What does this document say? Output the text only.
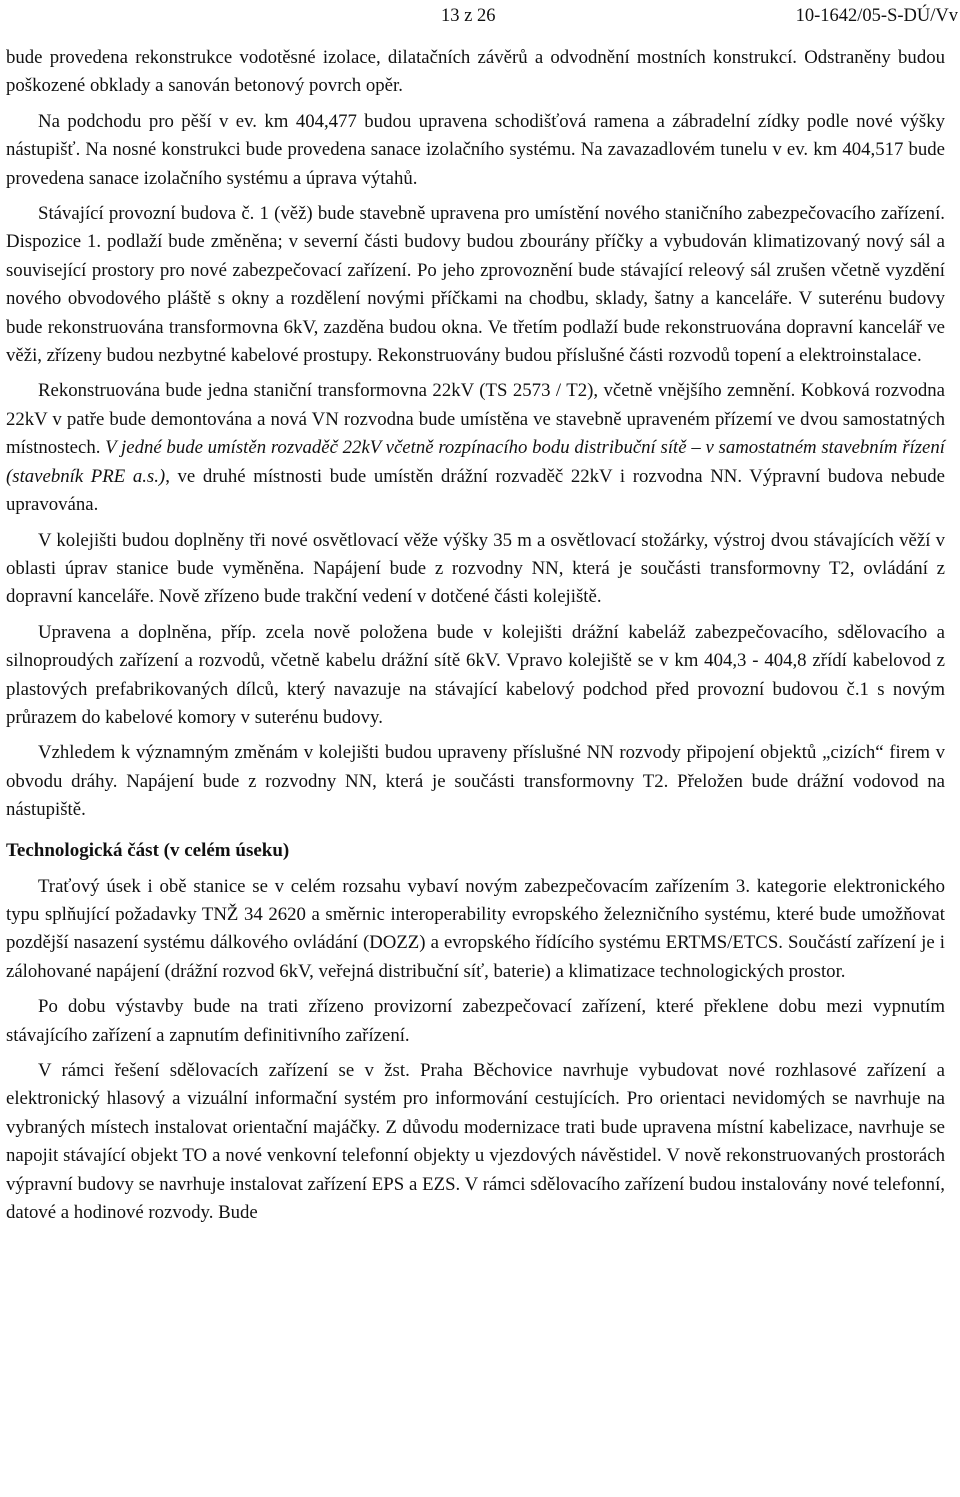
13 z 26	10-1642/05-S-DÚ/Vv

bude provedena rekonstrukce vodotěsné izolace, dilatačních závěrů a odvodnění mostních konstrukcí. Odstraněny budou poškozené obklady a sanován betonový povrch opěr.

Na podchodu pro pěší v ev. km 404,477 budou upravena schodišťová ramena a zábradelní zídky podle nové výšky nástupišť. Na nosné konstrukci bude provedena sanace izolačního systému. Na zavazadlovém tunelu v ev. km 404,517 bude provedena sanace izolačního systému a úprava výtahů.

Stávající provozní budova č. 1 (věž) bude stavebně upravena pro umístění nového staničního zabezpečovacího zařízení. Dispozice 1. podlaží bude změněna; v severní části budovy budou zbourány příčky a vybudován klimatizovaný nový sál a související prostory pro nové zabezpečovací zařízení. Po jeho zprovoznění bude stávající releový sál zrušen včetně vyzdění nového obvodového pláště s okny a rozdělení novými příčkami na chodbu, sklady, šatny a kanceláře. V suterénu budovy bude rekonstruována transformovna 6kV, zazděna budou okna. Ve třetím podlaží bude rekonstruována dopravní kancelář ve věži, zřízeny budou nezbytné kabelové prostupy. Rekonstruovány budou příslušné části rozvodů topení a elektroinstalace.

Rekonstruována bude jedna staniční transformovna 22kV (TS 2573 / T2), včetně vnějšího zemnění. Kobková rozvodna 22kV v patře bude demontována a nová VN rozvodna bude umístěna ve stavebně upraveném přízemí ve dvou samostatných místnostech. V jedné bude umístěn rozvaděč 22kV včetně rozpínacího bodu distribuční sítě – v samostatném stavebním řízení (stavebník PRE a.s.), ve druhé místnosti bude umístěn drážní rozvaděč 22kV i rozvodna NN. Výpravní budova nebude upravována.

V kolejišti budou doplněny tři nové osvětlovací věže výšky 35 m a osvětlovací stožárky, výstroj dvou stávajících věží v oblasti úprav stanice bude vyměněna. Napájení bude z rozvodny NN, která je součásti transformovny T2, ovládání z dopravní kanceláře. Nově zřízeno bude trakční vedení v dotčené části kolejiště.

Upravena a doplněna, příp. zcela nově položena bude v kolejišti drážní kabeláž zabezpečovacího, sdělovacího a silnoproudých zařízení a rozvodů, včetně kabelu drážní sítě 6kV. Vpravo kolejiště se v km 404,3 - 404,8 zřídí kabelovod z plastových prefabrikovaných dílců, který navazuje na stávající kabelový podchod před provozní budovou č.1 s novým průrazem do kabelové komory v suterénu budovy.

Vzhledem k významným změnám v kolejišti budou upraveny příslušné NN rozvody připojení objektů „cizích“ firem v obvodu dráhy. Napájení bude z rozvodny NN, která je součásti transformovny T2. Přeložen bude drážní vodovod na nástupiště.

Technologická část (v celém úseku)

Traťový úsek i obě stanice se v celém rozsahu vybaví novým zabezpečovacím zařízením 3. kategorie elektronického typu splňující požadavky TNŽ 34 2620 a směrnic interoperability evropského železničního systému, které bude umožňovat pozdější nasazení systému dálkového ovládání (DOZZ) a evropského řídícího systému ERTMS/ETCS. Součástí zařízení je i zálohované napájení (drážní rozvod 6kV, veřejná distribuční síť, baterie) a klimatizace technologických prostor.

Po dobu výstavby bude na trati zřízeno provizorní zabezpečovací zařízení, které překlene dobu mezi vypnutím stávajícího zařízení a zapnutím definitivního zařízení.

V rámci řešení sdělovacích zařízení se v žst. Praha Běchovice navrhuje vybudovat nové rozhlasové zařízení a elektronický hlasový a vizuální informační systém pro informování cestujících. Pro orientaci nevidomých se navrhuje na vybraných místech instalovat orientační majáčky. Z důvodu modernizace trati bude upravena místní kabelizace, navrhuje se napojit stávající objekt TO a nové venkovní telefonní objekty u vjezdových návěstidel. V nově rekonstruovaných prostorách výpravní budovy se navrhuje instalovat zařízení EPS a EZS. V rámci sdělovacího zařízení budou instalovány nové telefonní, datové a hodinové rozvody. Bude
